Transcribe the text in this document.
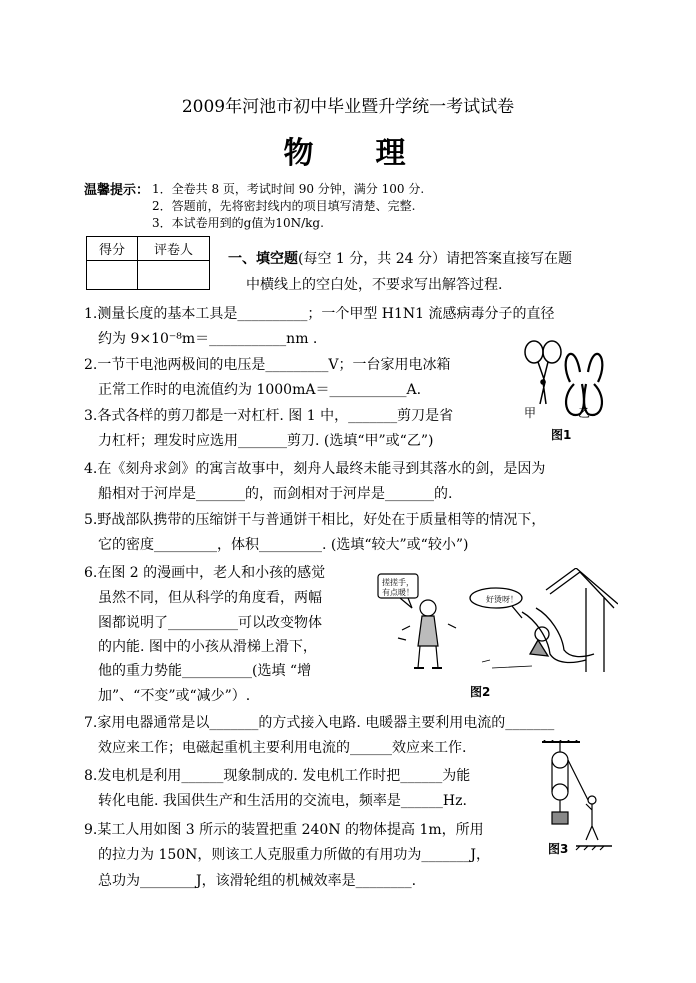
2009年河池市初中毕业暨升学统一考试试卷
物理
温馨提示： 1．全卷共 8 页，考试时间 90 分钟，满分 100 分.
2．答题前，先将密封线内的项目填写清楚、完整.
3．本试卷用到的g值为10N/kg.
得分	评卷人

一、填空题(每空 1 分，共 24 分）请把答案直接写在题
中横线上的空白处，不要求写出解答过程.
1.测量长度的基本工具是__________；一个甲型 H1N1 流感病毒分子的直径
约为 9×10⁻⁸m＝___________nm .
2.一节干电池两极间的电压是_________V；一台家用电冰箱
正常工作时的电流值约为 1000mA＝___________A.
3.各式各样的剪刀都是一对杠杆. 图 1 中，_______剪刀是省
力杠杆；理发时应选用_______剪刀. (选填“甲”或“乙”)
甲	乙
图1
4.在《刻舟求剑》的寓言故事中，刻舟人最终未能寻到其落水的剑，是因为
船相对于河岸是_______的，而剑相对于河岸是_______的.
5.野战部队携带的压缩饼干与普通饼干相比，好处在于质量相等的情况下，
它的密度_________，体积_________. (选填“较大”或“较小”)
6.在图 2 的漫画中，老人和小孩的感觉
虽然不同，但从科学的角度看，两幅
图都说明了__________可以改变物体
的内能. 图中的小孩从滑梯上滑下，
他的重力势能__________(选填 “增
加”、“不变”或“减少”）.
搓搓手，
有点暖！
好烫呀！
图2
7.家用电器通常是以_______的方式接入电路. 电暖器主要利用电流的_______
效应来工作；电磁起重机主要利用电流的______效应来工作.
8.发电机是利用______现象制成的. 发电机工作时把______为能
转化电能. 我国供生产和生活用的交流电，频率是______Hz.
9.某工人用如图 3 所示的装置把重 240N 的物体提高 1m，所用
的拉力为 150N，则该工人克服重力所做的有用功为_______J，
总功为________J，该滑轮组的机械效率是________.
图3
